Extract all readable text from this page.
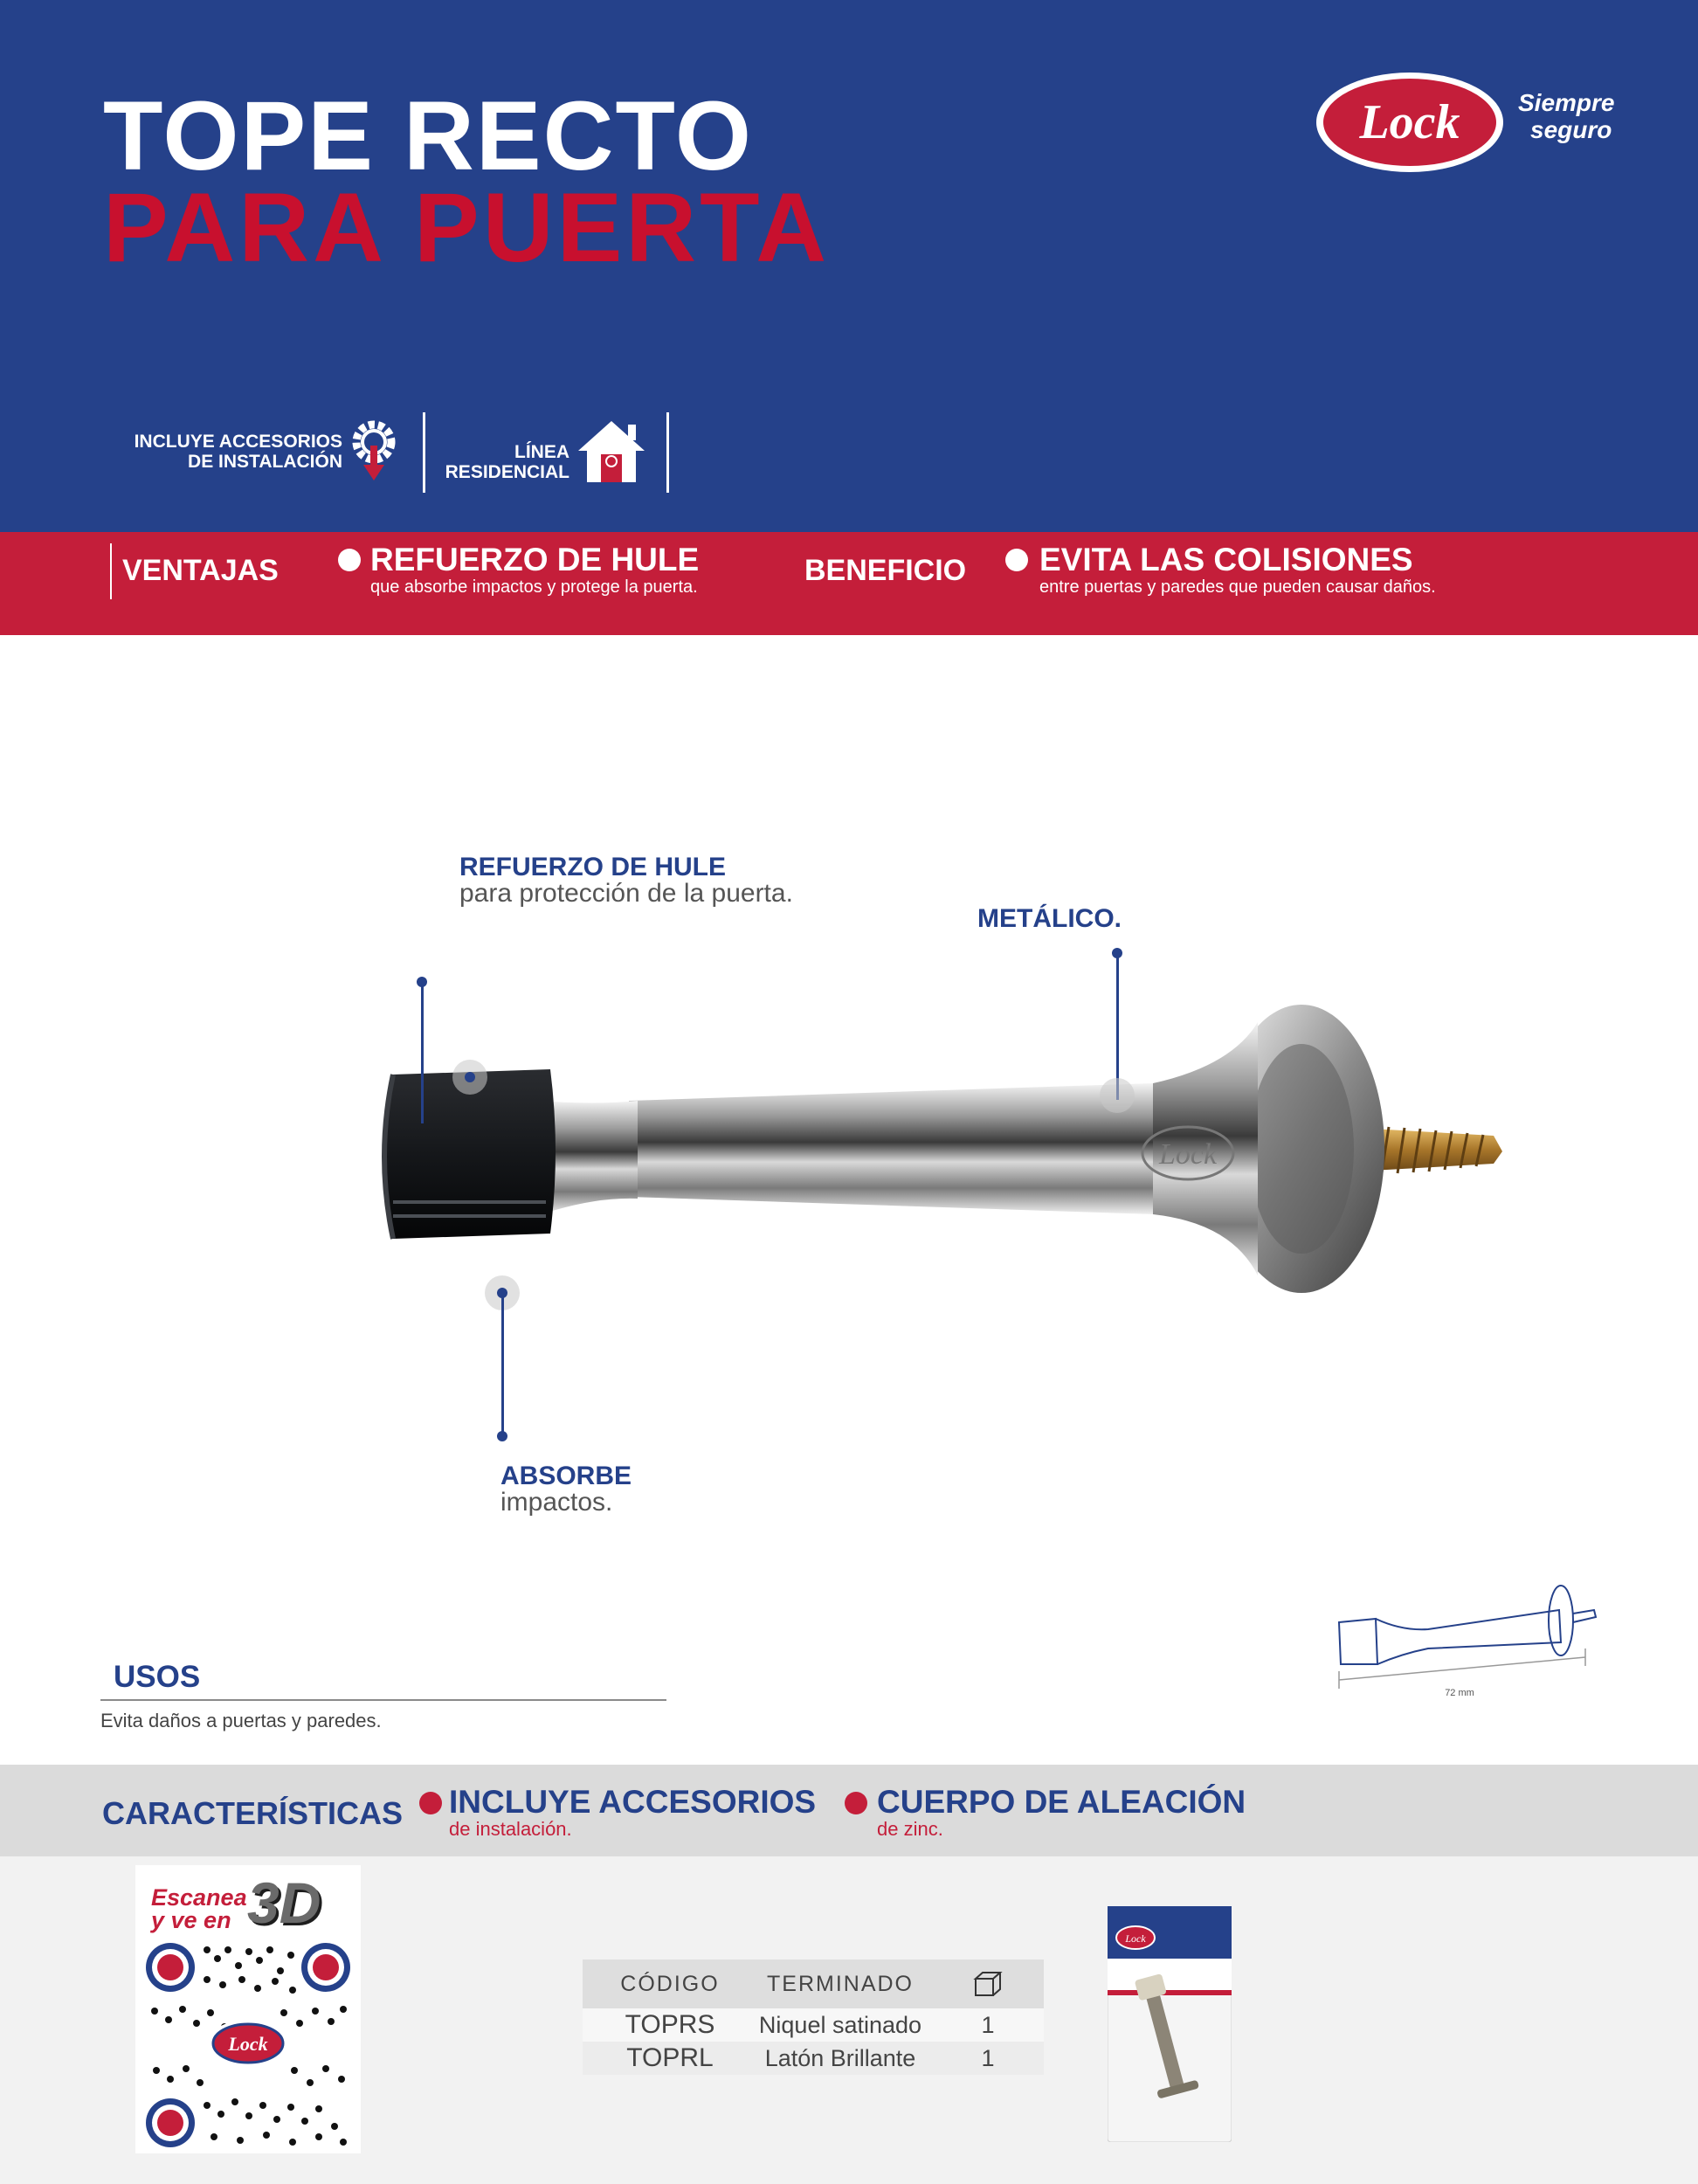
TOPE RECTO
PARA PUERTA
Lock Siempre
seguro
INCLUYE ACCESORIOS
DE INSTALACIÓN	LÍNEA
RESIDENCIAL
VENTAJAS	REFUERZO DE HULE
que absorbe impactos y protege la puerta.	BENEFICIO EVITA LAS COLISIONES
entre puertas y paredes que pueden causar daños.
Lock
REFUERZO DE HULE
para protección de la puerta.
METÁLICO.
ABSORBE
impactos.
72 mm
USOS
Evita daños a puertas y paredes.
CARACTERÍSTICAS INCLUYE ACCESORIOS
de instalación.
CUERPO DE ALEACIÓN
de zinc.
Escanea
y ve en 3D
Lock
CÓDIGO	TERMINADO
TOPRS	Niquel satinado	1
TOPRL	Latón Brillante	1
Lock
